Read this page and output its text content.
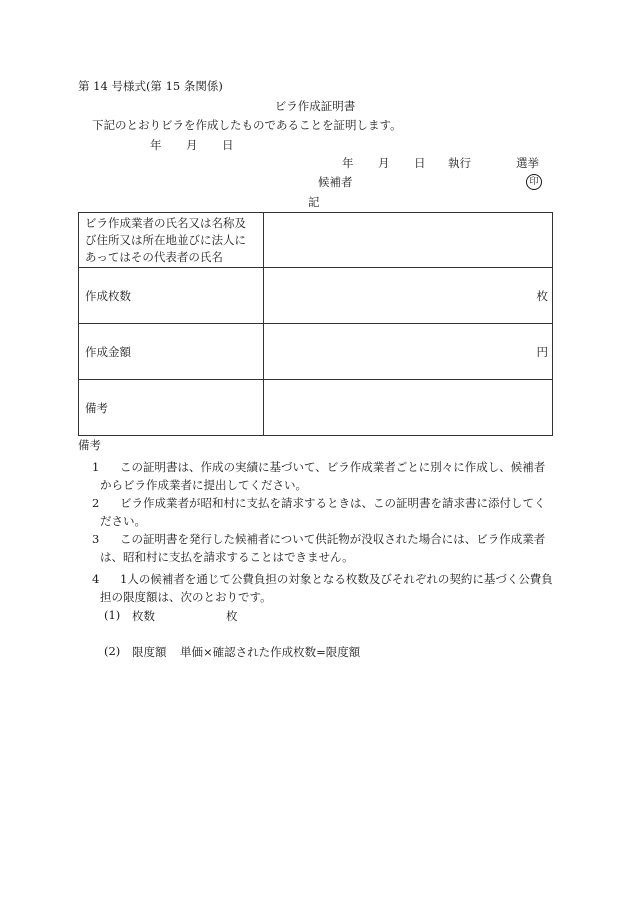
第 14 号様式(第 15 条関係)
ビラ作成証明書
下記のとおりビラを作成したものであることを証明します。
年 月 日
年 月 日 執行	選挙
候補者	印
記
ビラ作成業者の氏名又は名称及び住所又は所在地並びに法人にあってはその代表者の氏名	

作成枚数	枚
作成金額	円
備考	
備考
1	この証明書は、作成の実績に基づいて、ビラ作成業者ごとに別々に作成し、候補者からビラ作成業者に提出してください。
2	ビラ作成業者が昭和村に支払を請求するときは、この証明書を請求書に添付してください。
3	この証明書を発行した候補者について供託物が没収された場合には、ビラ作成業者は、昭和村に支払を請求することはできません。
4	1人の候補者を通じて公費負担の対象となる枚数及びそれぞれの契約に基づく公費負担の限度額は、次のとおりです。
(1) 枚数	枚
(2) 限度額 単価×確認された作成枚数=限度額
